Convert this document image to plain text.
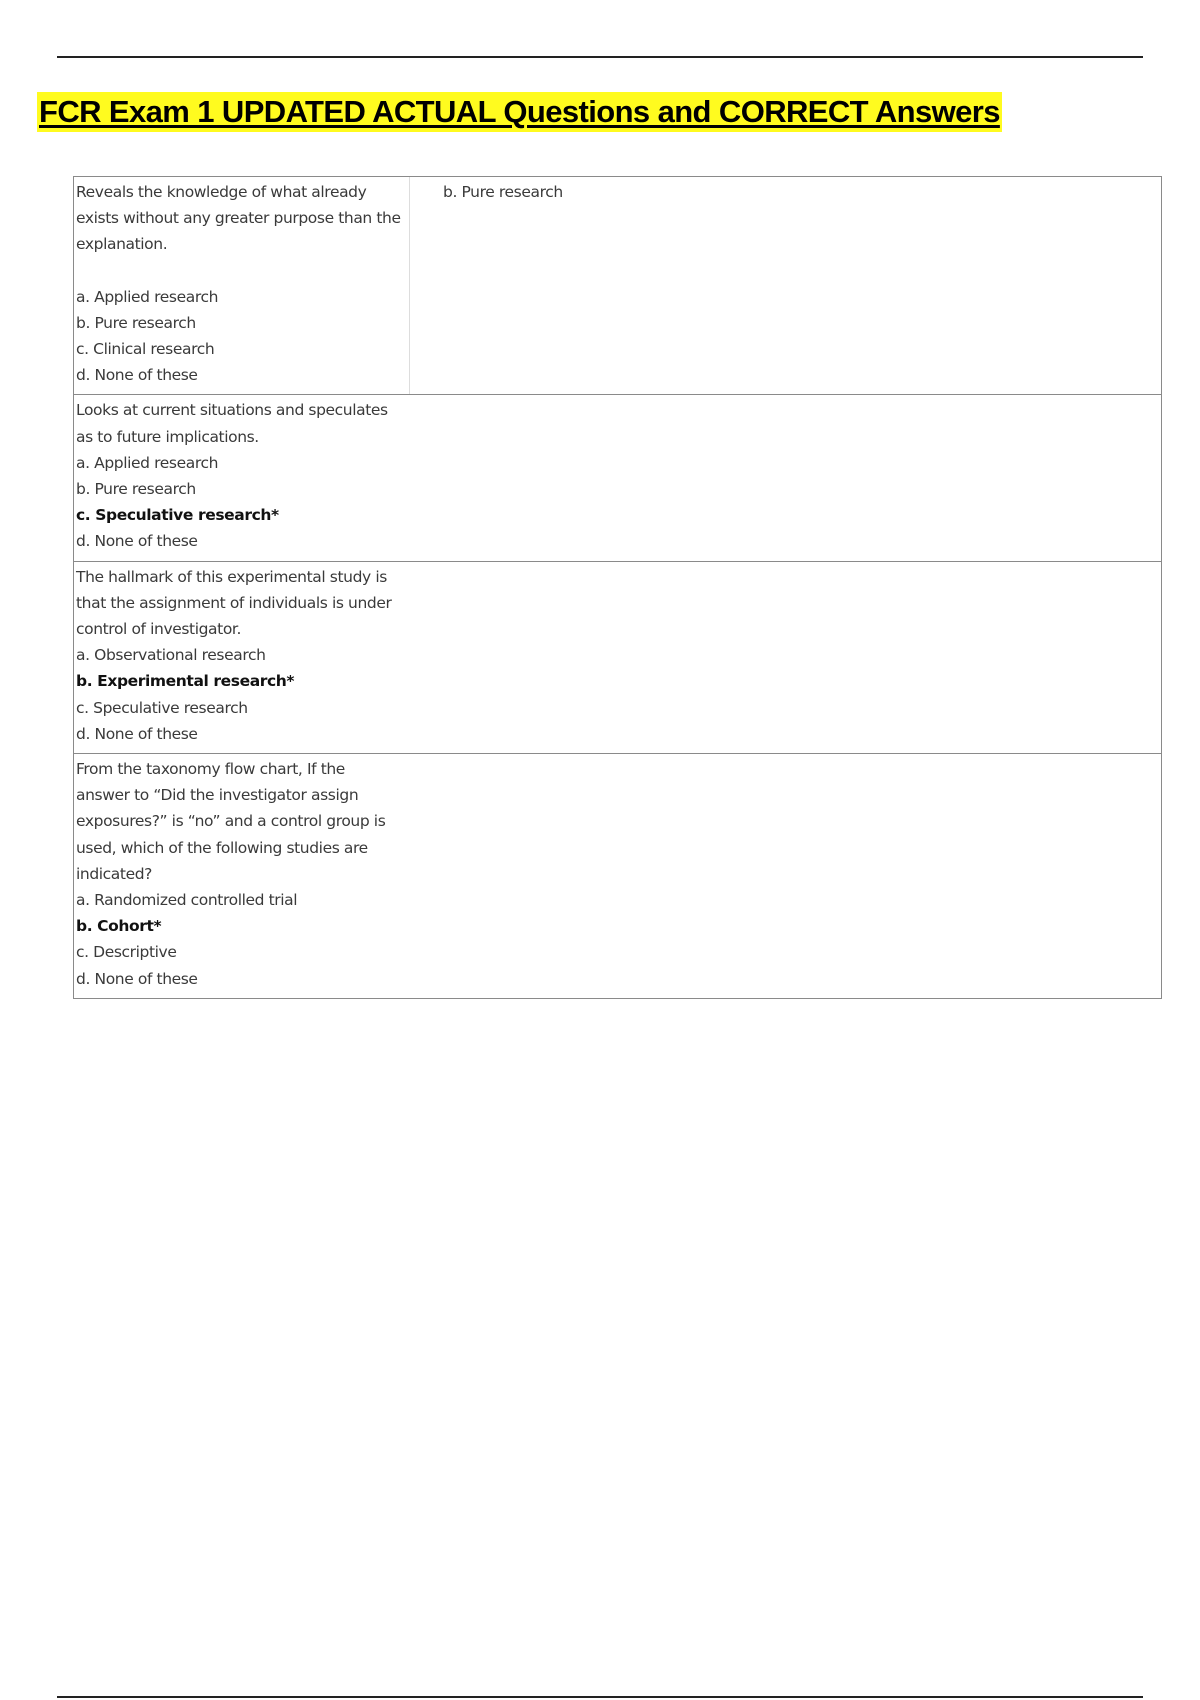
FCR Exam 1 UPDATED ACTUAL Questions and CORRECT Answers
Reveals the knowledge of what already
exists without any greater purpose than the
explanation.
a. Applied research
b. Pure research
c. Clinical research
d. None of these
b. Pure research
Looks at current situations and speculates
as to future implications.
a. Applied research
b. Pure research
c. Speculative research*
d. None of these
The hallmark of this experimental study is
that the assignment of individuals is under
control of investigator.
a. Observational research
b. Experimental research*
c. Speculative research
d. None of these
From the taxonomy flow chart, If the
answer to “Did the investigator assign
exposures?” is “no” and a control group is
used, which of the following studies are
indicated?
a. Randomized controlled trial
b. Cohort*
c. Descriptive
d. None of these
